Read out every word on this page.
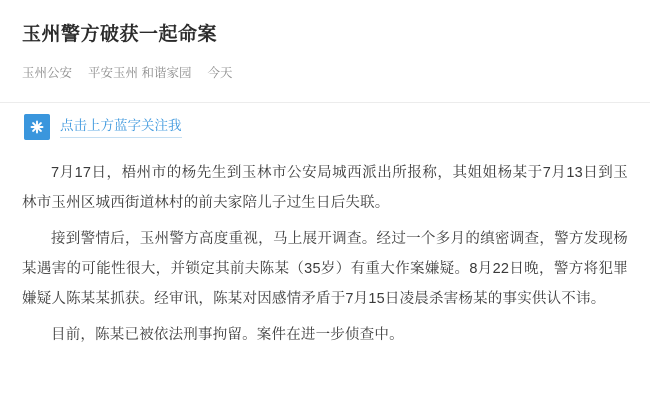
玉州警方破获一起命案
玉州公安 平安玉州 和谐家园 今天
点击上方蓝字关注我

7月17日，梧州市的杨先生到玉林市公安局城西派出所报称，其姐姐杨某于7月13日到玉林市玉州区城西街道林村的前夫家陪儿子过生日后失联。

接到警情后，玉州警方高度重视，马上展开调查。经过一个多月的缜密调查，警方发现杨某遇害的可能性很大，并锁定其前夫陈某（35岁）有重大作案嫌疑。8月22日晚，警方将犯罪嫌疑人陈某某抓获。经审讯，陈某对因感情矛盾于7月15日凌晨杀害杨某的事实供认不讳。

目前，陈某已被依法刑事拘留。案件在进一步侦查中。
